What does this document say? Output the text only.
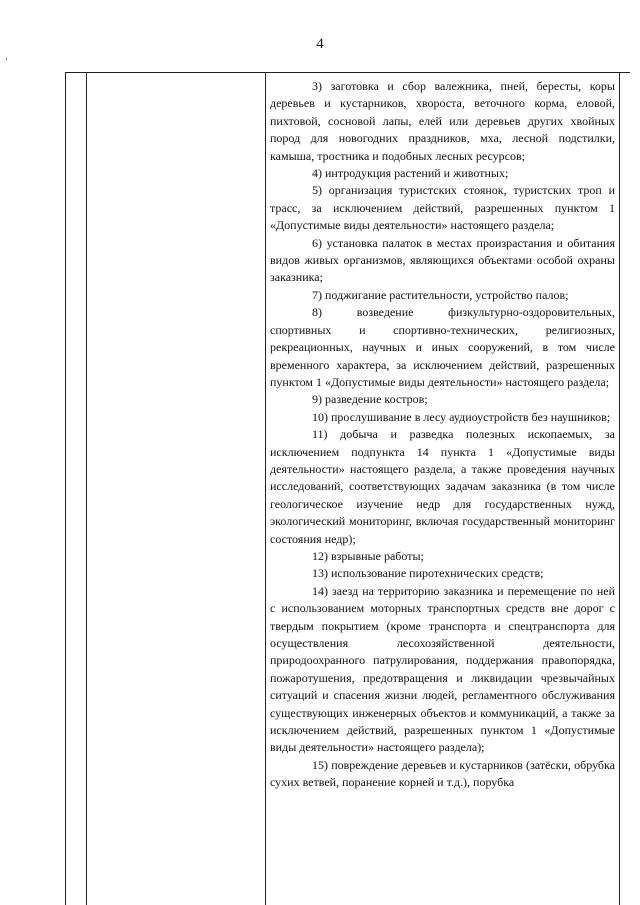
4

3) заготовка и сбор валежника, пней, бересты, коры деревьев и кустарников, хвороста, веточного корма, еловой, пихтовой, сосновой лапы, елей или деревьев других хвойных пород для новогодних праздников, мха, лесной подстилки, камыша, тростника и подобных лесных ресурсов;

4) интродукция растений и животных;

5) организация туристских стоянок, туристских троп и трасс, за исключением действий, разрешенных пунктом 1 «Допустимые виды деятельности» настоящего раздела;

6) установка палаток в местах произрастания и обитания видов живых организмов, являющихся объектами особой охраны заказника;

7) поджигание растительности, устройство палов;

8) возведение физкультурно-оздоровительных, спортивных и спортивно-технических, религиозных, рекреационных, научных и иных сооружений, в том числе временного характера, за исключением действий, разрешенных пунктом 1 «Допустимые виды деятельности» настоящего раздела;

9) разведение костров;

10) прослушивание в лесу аудиоустройств без наушников;

11) добыча и разведка полезных ископаемых, за исключением подпункта 14 пункта 1 «Допустимые виды деятельности» настоящего раздела, а также проведения научных исследований, соответствующих задачам заказника (в том числе геологическое изучение недр для государственных нужд, экологический мониторинг, включая государственный мониторинг состояния недр);

12) взрывные работы;

13) использование пиротехнических средств;

14) заезд на территорию заказника и перемещение по ней с использованием моторных транспортных средств вне дорог с твердым покрытием (кроме транспорта и спецтранспорта для осуществления лесохозяйственной деятельности, природоохранного патрулирования, поддержания правопорядка, пожаротушения, предотвращения и ликвидации чрезвычайных ситуаций и спасения жизни людей, регламентного обслуживания существующих инженерных объектов и коммуникаций, а также за исключением действий, разрешенных пунктом 1 «Допустимые виды деятельности» настоящего раздела);

15) повреждение деревьев и кустарников (затёски, обрубка сухих ветвей, поранение корней и т.д.), порубка
